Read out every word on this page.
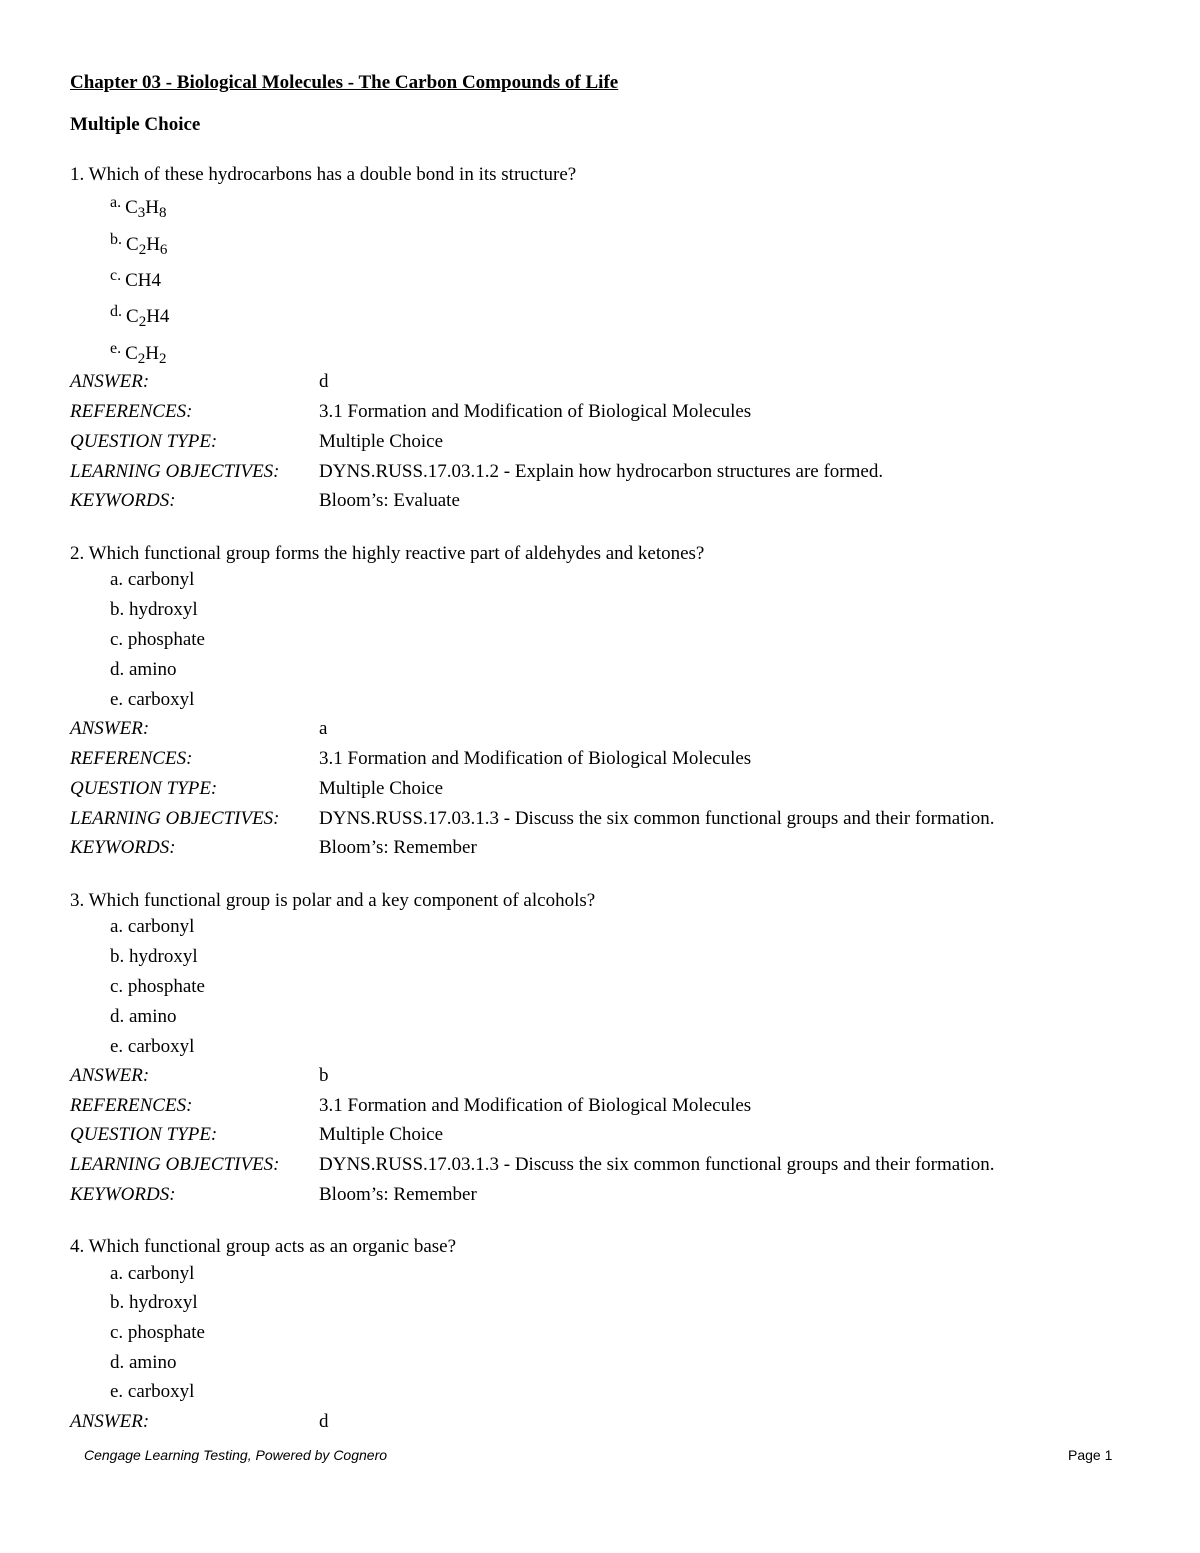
Chapter 03 - Biological Molecules - The Carbon Compounds of Life
Multiple Choice
1. Which of these hydrocarbons has a double bond in its structure?
$^{a.}$ $C_3H_8$
$^{b.}$ $C_2H_6$
$^{c.}$ CH4
$^{d.}$ $C_2H4$
$^{e.}$ $C_2H_2$
ANSWER:	d
REFERENCES:	3.1 Formation and Modification of Biological Molecules
QUESTION TYPE:	Multiple Choice
LEARNING OBJECTIVES: DYNS.RUSS.17.03.1.2 - Explain how hydrocarbon structures are formed.
KEYWORDS:	Bloom’s: Evaluate
2. Which functional group forms the highly reactive part of aldehydes and ketones?
a. carbonyl
b. hydroxyl
c. phosphate
d. amino
e. carboxyl
ANSWER:	a
REFERENCES:	3.1 Formation and Modification of Biological Molecules
QUESTION TYPE:	Multiple Choice
LEARNING OBJECTIVES: DYNS.RUSS.17.03.1.3 - Discuss the six common functional groups and their formation.
KEYWORDS:	Bloom’s: Remember
3. Which functional group is polar and a key component of alcohols?
a. carbonyl
b. hydroxyl
c. phosphate
d. amino
e. carboxyl
ANSWER:	b
REFERENCES:	3.1 Formation and Modification of Biological Molecules
QUESTION TYPE:	Multiple Choice
LEARNING OBJECTIVES: DYNS.RUSS.17.03.1.3 - Discuss the six common functional groups and their formation.
KEYWORDS:	Bloom’s: Remember
4. Which functional group acts as an organic base?
a. carbonyl
b. hydroxyl
c. phosphate
d. amino
e. carboxyl
ANSWER:	d
Cengage Learning Testing, Powered by Cognero	Page 1
